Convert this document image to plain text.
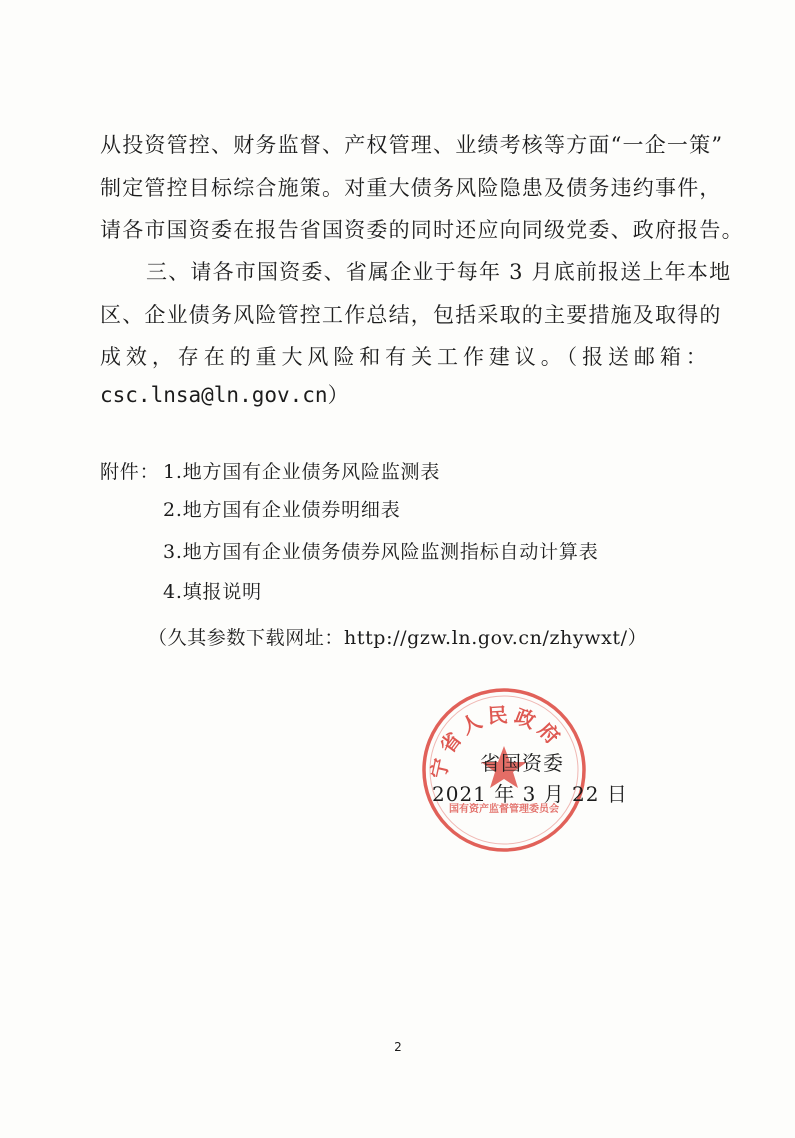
从投资管控、财务监督、产权管理、业绩考核等方面“一企一策”
制定管控目标综合施策。对重大债务风险隐患及债务违约事件，
请各市国资委在报告省国资委的同时还应向同级党委、政府报告。
三、请各市国资委、省属企业于每年 3 月底前报送上年本地
区、企业债务风险管控工作总结，包括采取的主要措施及取得的
成效，存在的重大风险和有关工作建议。（报送邮箱：
csc.lnsa@ln.gov.cn）
附件： 1.地方国有企业债务风险监测表
2.地方国有企业债券明细表
3.地方国有企业债务债券风险监测指标自动计算表
4.填报说明
（久其参数下载网址：http://gzw.ln.gov.cn/zhywxt/）
宁省人民政府
国有资产监督管理委员会
省国资委
2021 年 3 月 22 日
2
